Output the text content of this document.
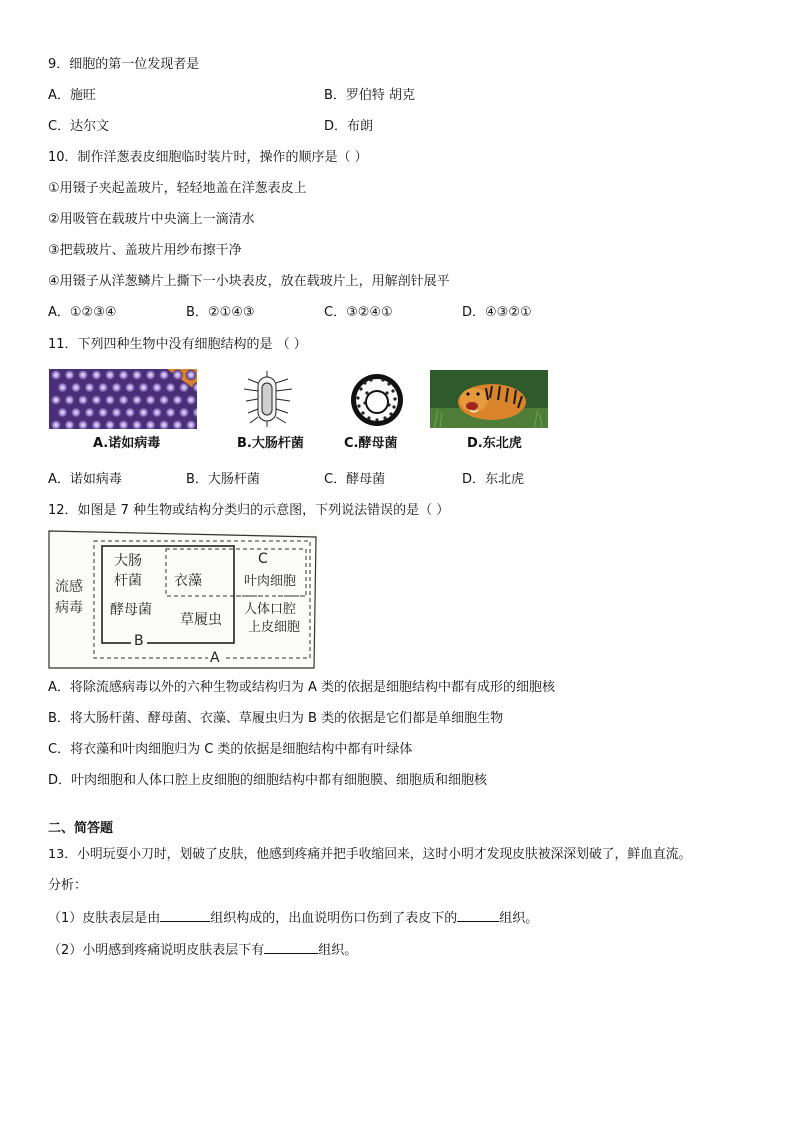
9．细胞的第一位发现者是
A．施旺	B．罗伯特 胡克
C．达尔文	D．布朗
10．制作洋葱表皮细胞临时装片时，操作的顺序是（ ）
①用镊子夹起盖玻片，轻轻地盖在洋葱表皮上
②用吸管在载玻片中央滴上一滴清水
③把载玻片、盖玻片用纱布擦干净
④用镊子从洋葱鳞片上撕下一小块表皮，放在载玻片上，用解剖针展平
A．①②③④	B．②①④③	C．③②④①	D．④③②①
11．下列四种生物中没有细胞结构的是 （ ）
A.诺如病毒	B.大肠杆菌	C.酵母菌	D.东北虎
A．诺如病毒	B．大肠杆菌	C．酵母菌	D．东北虎
12．如图是 7 种生物或结构分类归的示意图，下列说法错误的是（ ）
流感
病毒
大肠
杆菌
酵母菌
衣藻
草履虫
叶肉细胞
人体口腔
上皮细胞
B
C
A
A．将除流感病毒以外的六种生物或结构归为 A 类的依据是细胞结构中都有成形的细胞核
B．将大肠杆菌、酵母菌、衣藻、草履虫归为 B 类的依据是它们都是单细胞生物
C．将衣藻和叶肉细胞归为 C 类的依据是细胞结构中都有叶绿体
D．叶肉细胞和人体口腔上皮细胞的细胞结构中都有细胞膜、细胞质和细胞核
二、简答题
13．小明玩耍小刀时，划破了皮肤，他感到疼痛并把手收缩回来，这时小明才发现皮肤被深深划破了，鲜血直流。
分析：
（1）皮肤表层是由	组织构成的，出血说明伤口伤到了表皮下的	组织。
（2）小明感到疼痛说明皮肤表层下有	组织。
